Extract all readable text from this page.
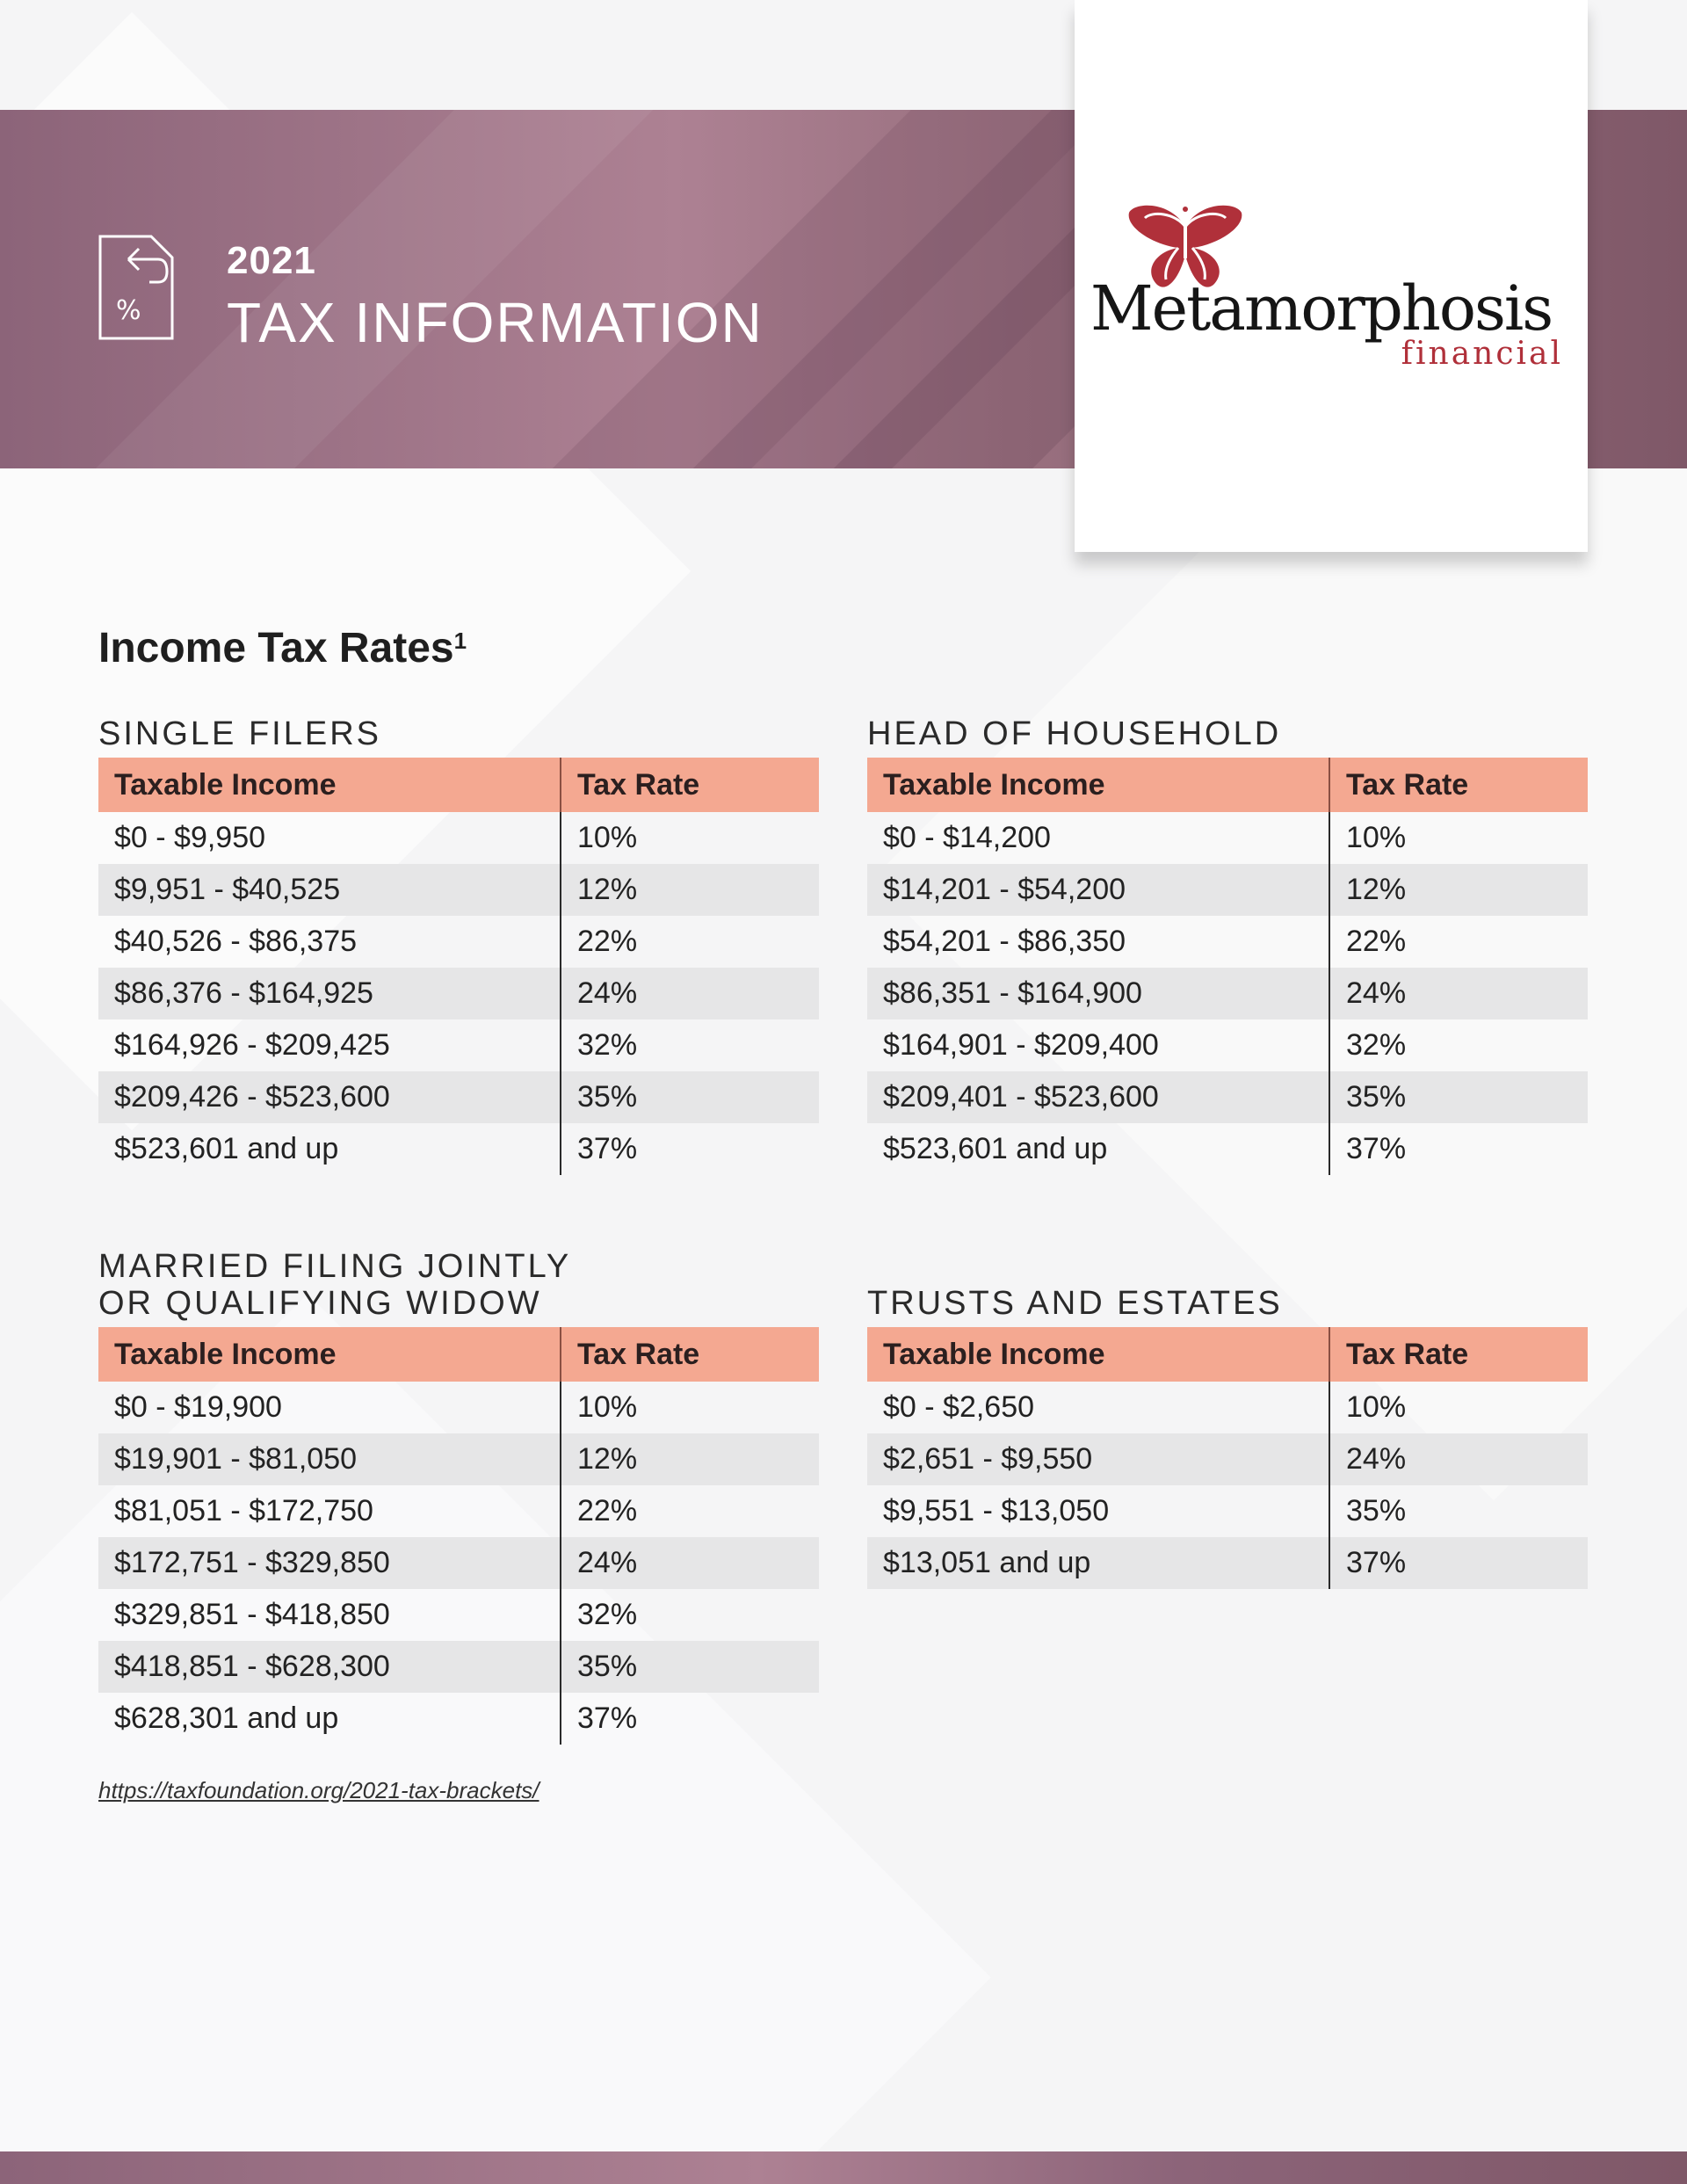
%
2021
TAX INFORMATION	Metamorphosis
financial
Income Tax Rates$^1$
SINGLE FILERS
Taxable Income	Tax Rate
$0 - $9,950	10%
$9,951 - $40,525	12%
$40,526 - $86,375	22%
$86,376 - $164,925	24%
$164,926 - $209,425	32%
$209,426 - $523,600	35%
$523,601 and up	37%
HEAD OF HOUSEHOLD
Taxable Income	Tax Rate
$0 - $14,200	10%
$14,201 - $54,200	12%
$54,201 - $86,350	22%
$86,351 - $164,900	24%
$164,901 - $209,400	32%
$209,401 - $523,600	35%
$523,601 and up	37%
MARRIED FILING JOINTLY
OR QUALIFYING WIDOW
Taxable Income	Tax Rate
$0 - $19,900	10%
$19,901 - $81,050	12%
$81,051 - $172,750	22%
$172,751 - $329,850	24%
$329,851 - $418,850	32%
$418,851 - $628,300	35%
$628,301 and up	37%
TRUSTS AND ESTATES
Taxable Income	Tax Rate
$0 - $2,650	10%
$2,651 - $9,550	24%
$9,551 - $13,050	35%
$13,051 and up	37%
https://taxfoundation.org/2021-tax-brackets/
